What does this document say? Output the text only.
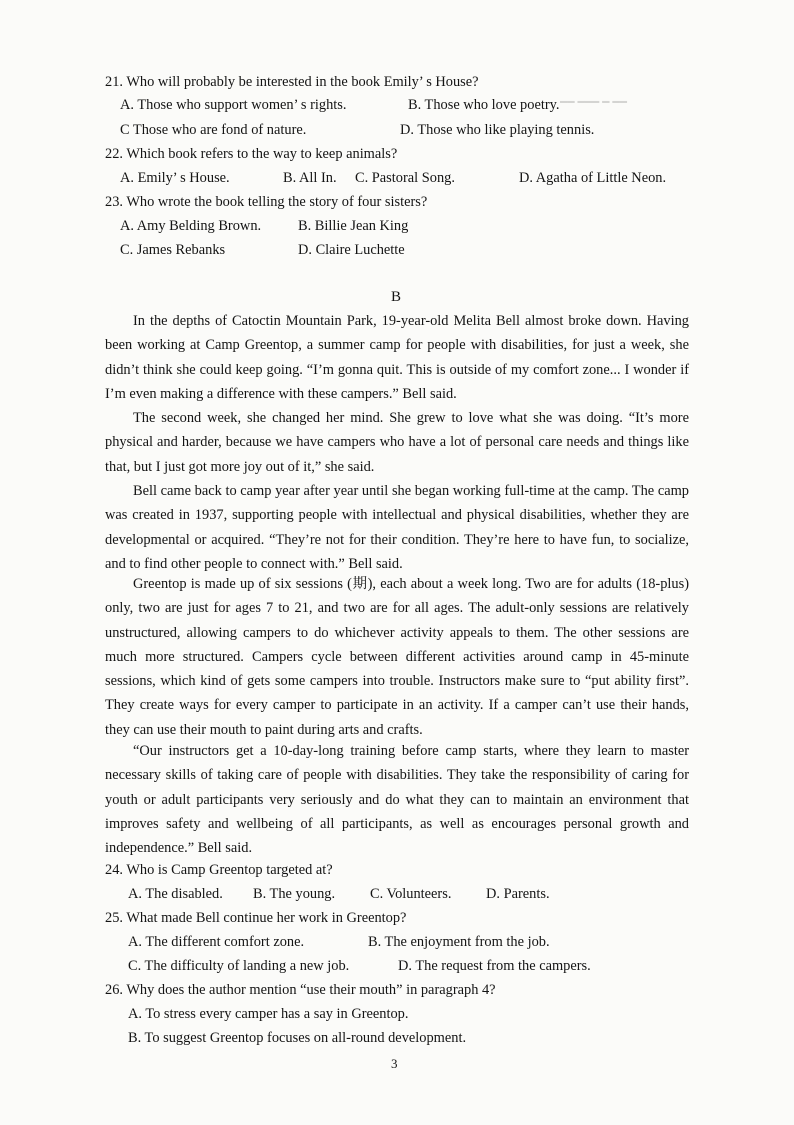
━━ ━━━ ━ ━━
21. Who will probably be interested in the book Emily’ s House?
A. Those who support women’ s rights.	B. Those who love poetry.
C Those who are fond of nature.	D. Those who like playing tennis.
22. Which book refers to the way to keep animals?
A. Emily’ s House.	B. All In. C. Pastoral Song.	D. Agatha of Little Neon.
23. Who wrote the book telling the story of four sisters?
A. Amy Belding Brown.	B. Billie Jean King
C. James Rebanks	D. Claire Luchette
B
In the depths of Catoctin Mountain Park, 19-year-old Melita Bell almost broke down. Having been working at Camp Greentop, a summer camp for people with disabilities, for just a week, she didn’t think she could keep going. “I’m gonna quit. This is outside of my comfort zone... I wonder if I’m even making a difference with these campers.” Bell said.
The second week, she changed her mind. She grew to love what she was doing. “It’s more physical and harder, because we have campers who have a lot of personal care needs and things like that, but I just got more joy out of it,” she said.
Bell came back to camp year after year until she began working full-time at the camp. The camp was created in 1937, supporting people with intellectual and physical disabilities, whether they are developmental or acquired. “They’re not for their condition. They’re here to have fun, to socialize, and to find other people to connect with.” Bell said.
Greentop is made up of six sessions (期), each about a week long. Two are for adults (18-plus) only, two are just for ages 7 to 21, and two are for all ages. The adult-only sessions are relatively unstructured, allowing campers to do whichever activity appeals to them. The other sessions are much more structured. Campers cycle between different activities around camp in 45-minute sessions, which kind of gets some campers into trouble. Instructors make sure to “put ability first”. They create ways for every camper to participate in an activity. If a camper can’t use their hands, they can use their mouth to paint during arts and crafts.
“Our instructors get a 10-day-long training before camp starts, where they learn to master necessary skills of taking care of people with disabilities. They take the responsibility of caring for youth or adult participants very seriously and do what they can to maintain an environment that improves safety and wellbeing of all participants, as well as encourages personal growth and independence.” Bell said.
24. Who is Camp Greentop targeted at?
A. The disabled. B. The young. C. Volunteers. D. Parents.
25. What made Bell continue her work in Greentop?
A. The different comfort zone.	B. The enjoyment from the job.
C. The difficulty of landing a new job.	D. The request from the campers.
26. Why does the author mention “use their mouth” in paragraph 4?
A. To stress every camper has a say in Greentop.
B. To suggest Greentop focuses on all-round development.
3
